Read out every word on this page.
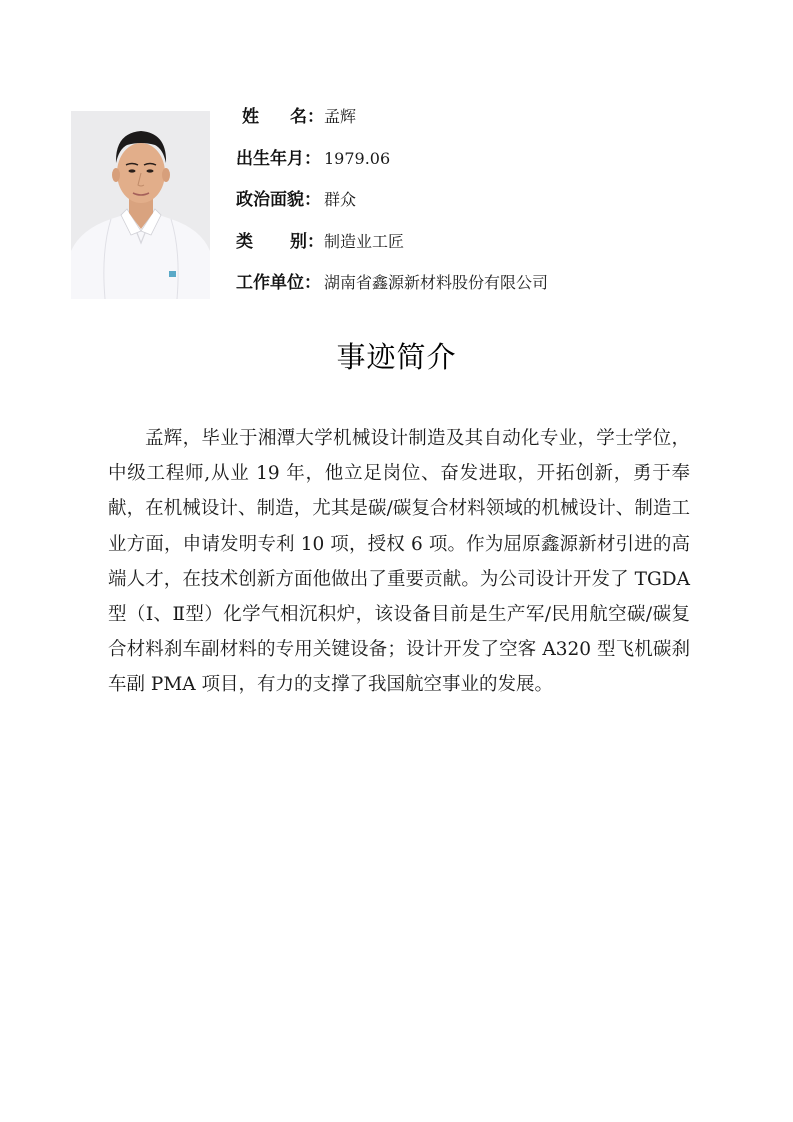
姓 名： 孟辉
出生年月： 1979.06
政治面貌： 群众
类 别： 制造业工匠
工作单位： 湖南省鑫源新材料股份有限公司
事迹简介

孟辉，毕业于湘潭大学机械设计制造及其自动化专业，学士学位，中级工程师,从业 19 年，他立足岗位、奋发进取，开拓创新，勇于奉献，在机械设计、制造，尤其是碳/碳复合材料领域的机械设计、制造工业方面，申请发明专利 10 项，授权 6 项。作为屈原鑫源新材引进的高端人才，在技术创新方面他做出了重要贡献。为公司设计开发了 TGDA 型（Ⅰ、Ⅱ型）化学气相沉积炉，该设备目前是生产军/民用航空碳/碳复合材料刹车副材料的专用关键设备；设计开发了空客 A320 型飞机碳刹车副 PMA 项目，有力的支撑了我国航空事业的发展。
